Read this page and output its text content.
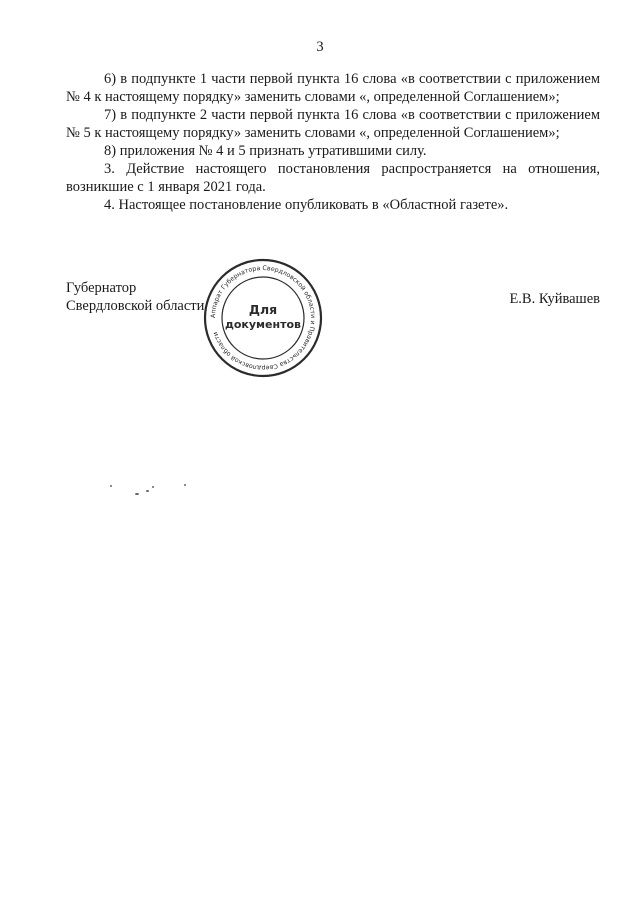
3

6) в подпункте 1 части первой пункта 16 слова «в соответствии с приложением № 4 к настоящему порядку» заменить словами «, определенной Соглашением»;

7) в подпункте 2 части первой пункта 16 слова «в соответствии с приложением № 5 к настоящему порядку» заменить словами «, определенной Соглашением»;

8) приложения № 4 и 5 признать утратившими силу.

3. Действие настоящего постановления распространяется на отношения, возникшие с 1 января 2021 года.

4. Настоящее постановление опубликовать в «Областной газете».

Губернатор
Свердловской области	Е.В. Куйвашев
Аппарат Губернатора Свердловской области и Правительства Свердловской области
Для
документов
